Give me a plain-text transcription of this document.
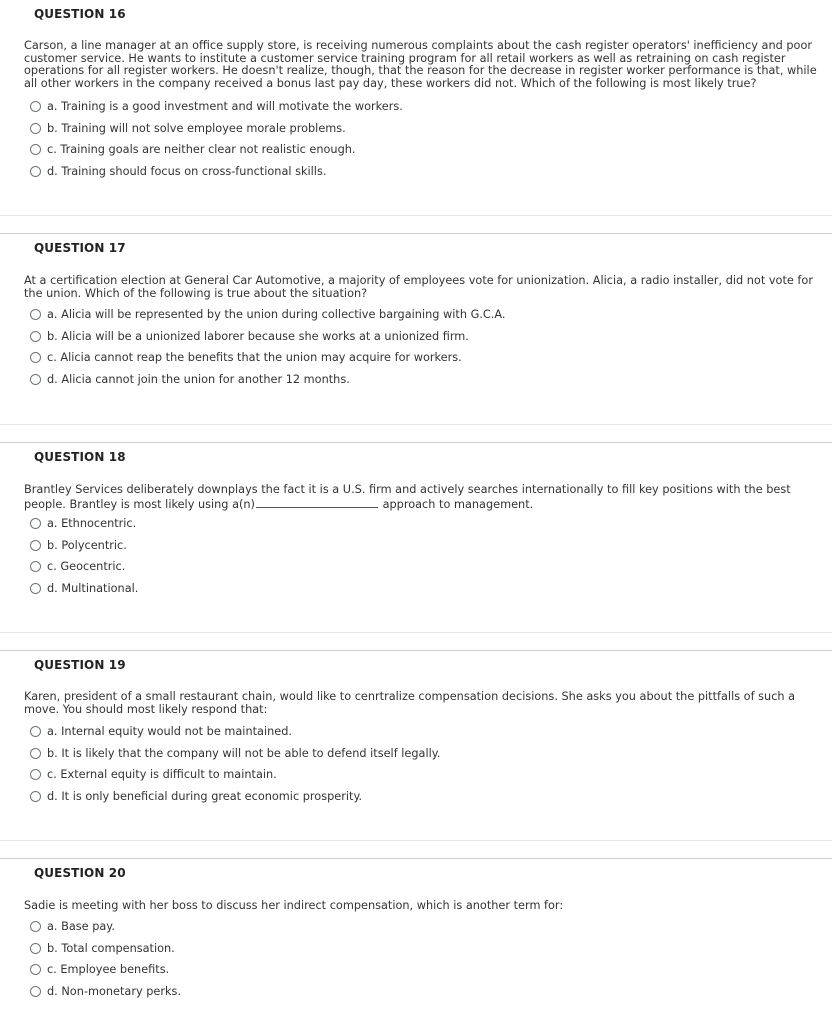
QUESTION 16
Carson, a line manager at an office supply store, is receiving numerous complaints about the cash register operators' inefficiency and poor customer service. He wants to institute a customer service training program for all retail workers as well as retraining on cash register operations for all register workers. He doesn't realize, though, that the reason for the decrease in register worker performance is that, while all other workers in the company received a bonus last pay day, these workers did not. Which of the following is most likely true?
a. Training is a good investment and will motivate the workers.
b. Training will not solve employee morale problems.
c. Training goals are neither clear not realistic enough.
d. Training should focus on cross-functional skills.
QUESTION 17
At a certification election at General Car Automotive, a majority of employees vote for unionization. Alicia, a radio installer, did not vote for the union. Which of the following is true about the situation?
a. Alicia will be represented by the union during collective bargaining with G.C.A.
b. Alicia will be a unionized laborer because she works at a unionized firm.
c. Alicia cannot reap the benefits that the union may acquire for workers.
d. Alicia cannot join the union for another 12 months.
QUESTION 18
Brantley Services deliberately downplays the fact it is a U.S. firm and actively searches internationally to fill key positions with the best people. Brantley is most likely using a(n)	approach to management.
a. Ethnocentric.
b. Polycentric.
c. Geocentric.
d. Multinational.
QUESTION 19
Karen, president of a small restaurant chain, would like to cenrtralize compensation decisions. She asks you about the pittfalls of such a move. You should most likely respond that:
a. Internal equity would not be maintained.
b. It is likely that the company will not be able to defend itself legally.
c. External equity is difficult to maintain.
d. It is only beneficial during great economic prosperity.
QUESTION 20
Sadie is meeting with her boss to discuss her indirect compensation, which is another term for:
a. Base pay.
b. Total compensation.
c. Employee benefits.
d. Non-monetary perks.
